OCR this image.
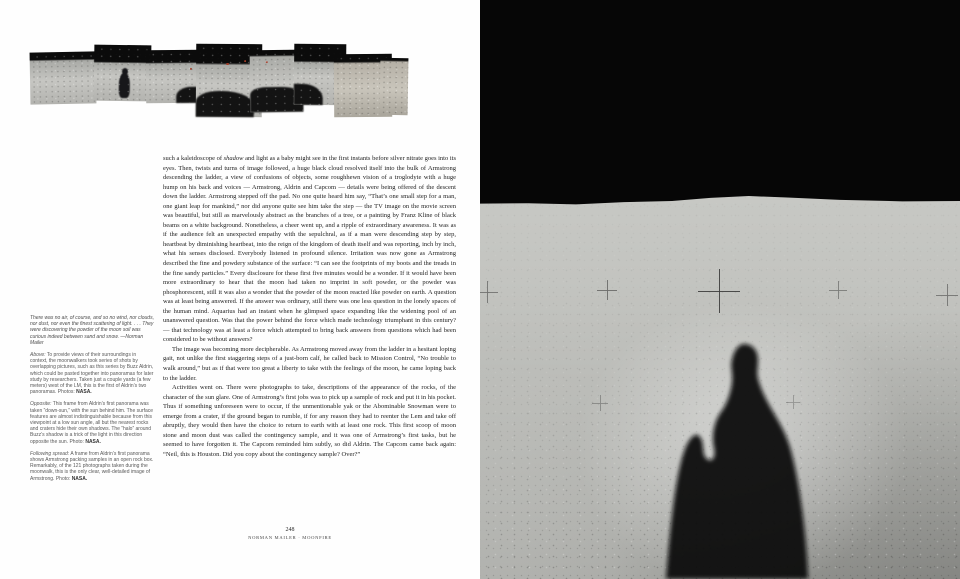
There was no air, of course, and so no wind, nor clouds, nor dust, nor even the finest scattering of light. . . . They were discovering the powder of the moon soil was curious indeed between sand and snow. —Norman Mailer

Above: To provide views of their surroundings in context, the moonwalkers took series of shots by overlapping pictures, such as this series by Buzz Aldrin, which could be pasted together into panoramas for later study by researchers. Taken just a couple yards (a few meters) west of the LM, this is the first of Aldrin’s two panoramas. Photos: NASA.

Opposite: This frame from Aldrin’s first panorama was taken “down-sun,” with the sun behind him. The surface features are almost indistinguishable because from this viewpoint at a low sun angle, all but the nearest rocks and craters hide their own shadows. The “halo” around Buzz’s shadow is a trick of the light in this direction opposite the sun. Photo: NASA.

Following spread: A frame from Aldrin’s first panorama shows Armstrong packing samples in an open rock box. Remarkably, of the 121 photographs taken during the moonwalk, this is the only clear, well-detailed image of Armstrong. Photo: NASA.

such a kaleidoscope of shadow and light as a baby might see in the first instants before silver nitrate goes into its eyes. Then, twists and turns of image followed, a huge black cloud resolved itself into the bulk of Armstrong descending the ladder, a view of confusions of objects, some roughhewn vision of a troglodyte with a huge hump on his back and voices — Armstrong, Aldrin and Capcom — details were being offered of the descent down the ladder. Armstrong stepped off the pad. No one quite heard him say, “That’s one small step for a man, one giant leap for mankind,” nor did anyone quite see him take the step — the TV image on the movie screen was beautiful, but still as marvelously abstract as the branches of a tree, or a painting by Franz Kline of black beams on a white background. Nonetheless, a cheer went up, and a ripple of extraordinary awareness. It was as if the audience felt an unexpected empathy with the sepulchral, as if a man were descending step by step, heartbeat by diminishing heartbeat, into the reign of the kingdom of death itself and was reporting, inch by inch, what his senses disclosed. Everybody listened in profound silence. Irritation was now gone as Armstrong described the fine and powdery substance of the surface: “I can see the footprints of my boots and the treads in the fine sandy particles.” Every disclosure for these first five minutes would be a wonder. If it would have been more extraordinary to hear that the moon had taken no imprint in soft powder, or the powder was phosphorescent, still it was also a wonder that the powder of the moon reacted like powder on earth. A question was at least being answered. If the answer was ordinary, still there was one less question in the lonely spaces of the human mind. Aquarius had an instant when he glimpsed space expanding like the widening pool of an unanswered question. Was that the power behind the force which made technology triumphant in this century? — that technology was at least a force which attempted to bring back answers from questions which had been considered to be without answers?

The image was becoming more decipherable. As Armstrong moved away from the ladder in a hesitant loping gait, not unlike the first staggering steps of a just-born calf, he called back to Mission Control, “No trouble to walk around,” but as if that were too great a liberty to take with the feelings of the moon, he came loping back to the ladder.

Activities went on. There were photographs to take, descriptions of the appearance of the rocks, of the character of the sun glare. One of Armstrong’s first jobs was to pick up a sample of rock and put it in his pocket. Thus if something unforeseen were to occur, if the unmentionable yak or the Abominable Snowman were to emerge from a crater, if the ground began to rumble, if for any reason they had to reenter the Lem and take off abruptly, they would then have the choice to return to earth with at least one rock. This first scoop of moon stone and moon dust was called the contingency sample, and it was one of Armstrong’s first tasks, but he seemed to have forgotten it. The Capcom reminded him subtly, so did Aldrin. The Capcom came back again: “Neil, this is Houston. Did you copy about the contingency sample? Over?”

248
NORMAN MAILER · MOONFIRE
